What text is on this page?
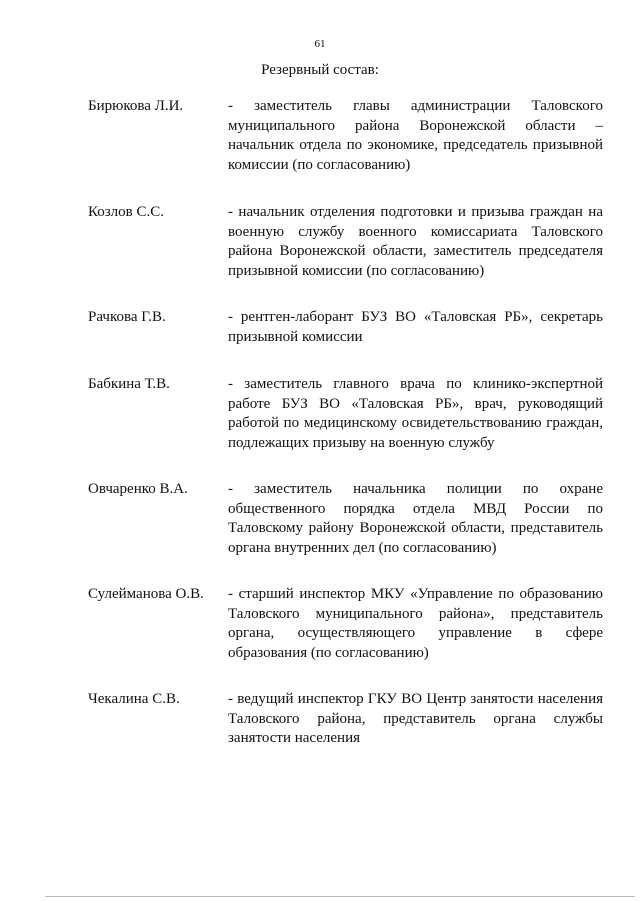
61
Резервный состав:
Бирюкова Л.И.	- заместитель главы администрации Таловского муниципального района Воронежской области – начальник отдела по экономике, председатель призывной комиссии (по согласованию)
Козлов С.С.	- начальник отделения подготовки и призыва граждан на военную службу военного комиссариата Таловского района Воронежской области, заместитель председателя призывной комиссии (по согласованию)
Рачкова Г.В.	- рентген-лаборант БУЗ ВО «Таловская РБ», секретарь призывной комиссии
Бабкина Т.В.	- заместитель главного врача по клинико-экспертной работе БУЗ ВО «Таловская РБ», врач, руководящий работой по медицинскому освидетельствованию граждан, подлежащих призыву на военную службу
Овчаренко В.А.	- заместитель начальника полиции по охране общественного порядка отдела МВД России по Таловскому району Воронежской области, представитель органа внутренних дел (по согласованию)
Сулейманова О.В.	- старший инспектор МКУ «Управление по образованию Таловского муниципального района», представитель органа, осуществляющего управление в сфере образования (по согласованию)
Чекалина С.В.	- ведущий инспектор ГКУ ВО Центр занятости населения Таловского района, представитель органа службы занятости населения
